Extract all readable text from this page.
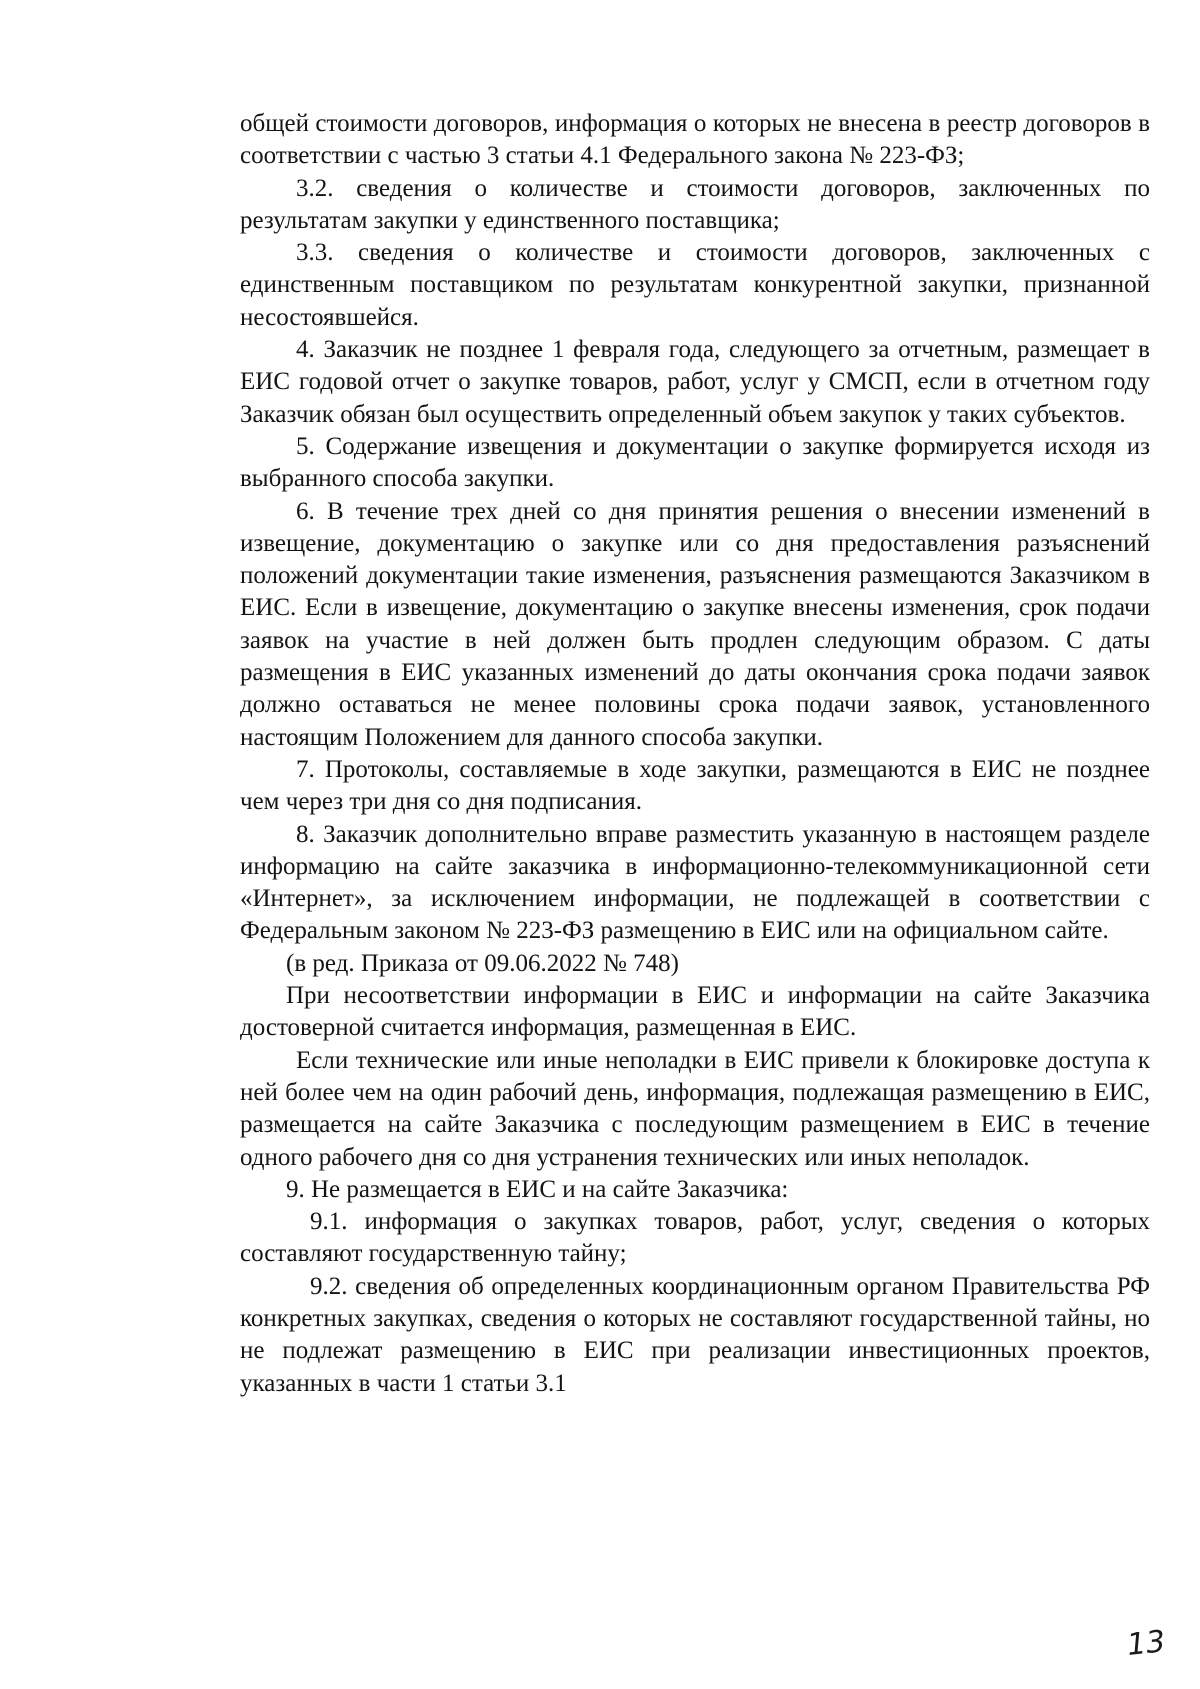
общей стоимости договоров, информация о которых не внесена в реестр договоров в соответствии с частью 3 статьи 4.1 Федерального закона № 223-ФЗ;

3.2. сведения о количестве и стоимости договоров, заключенных по результатам закупки у единственного поставщика;

3.3. сведения о количестве и стоимости договоров, заключенных с единственным поставщиком по результатам конкурентной закупки, признанной несостоявшейся.

4. Заказчик не позднее 1 февраля года, следующего за отчетным, размещает в ЕИС годовой отчет о закупке товаров, работ, услуг у СМСП, если в отчетном году Заказчик обязан был осуществить определенный объем закупок у таких субъектов.

5. Содержание извещения и документации о закупке формируется исходя из выбранного способа закупки.

6. В течение трех дней со дня принятия решения о внесении изменений в извещение, документацию о закупке или со дня предоставления разъяснений положений документации такие изменения, разъяснения размещаются Заказчиком в ЕИС. Если в извещение, документацию о закупке внесены изменения, срок подачи заявок на участие в ней должен быть продлен следующим образом. С даты размещения в ЕИС указанных изменений до даты окончания срока подачи заявок должно оставаться не менее половины срока подачи заявок, установленного настоящим Положением для данного способа закупки.

7. Протоколы, составляемые в ходе закупки, размещаются в ЕИС не позднее чем через три дня со дня подписания.

8. Заказчик дополнительно вправе разместить указанную в настоящем разделе информацию на сайте заказчика в информационно-телекоммуникационной сети «Интернет», за исключением информации, не подлежащей в соответствии с Федеральным законом № 223-ФЗ размещению в ЕИС или на официальном сайте.

(в ред. Приказа от 09.06.2022 № 748)

При несоответствии информации в ЕИС и информации на сайте Заказчика достоверной считается информация, размещенная в ЕИС.

Если технические или иные неполадки в ЕИС привели к блокировке доступа к ней более чем на один рабочий день, информация, подлежащая размещению в ЕИС, размещается на сайте Заказчика с последующим размещением в ЕИС в течение одного рабочего дня со дня устранения технических или иных неполадок.

9. Не размещается в ЕИС и на сайте Заказчика:

9.1. информация о закупках товаров, работ, услуг, сведения о которых составляют государственную тайну;

9.2. сведения об определенных координационным органом Правительства РФ конкретных закупках, сведения о которых не составляют государственной тайны, но не подлежат размещению в ЕИС при реализации инвестиционных проектов, указанных в части 1 статьи 3.1

13
